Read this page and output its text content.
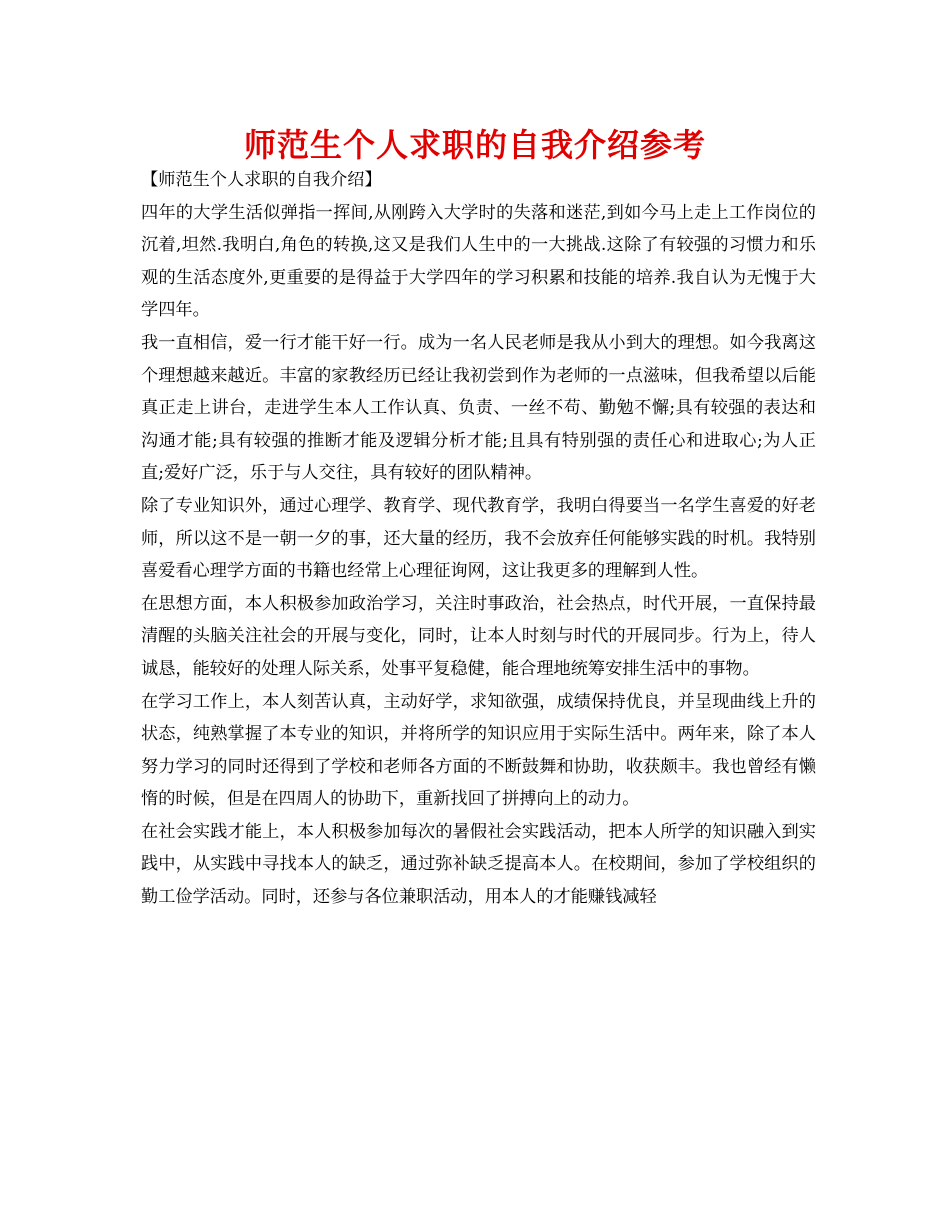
师范生个人求职的自我介绍参考

【师范生个人求职的自我介绍】

四年的大学生活似弹指一挥间,从刚跨入大学时的失落和迷茫,到如今马上走上工作岗位的沉着,坦然.我明白,角色的转换,这又是我们人生中的一大挑战.这除了有较强的习惯力和乐观的生活态度外,更重要的是得益于大学四年的学习积累和技能的培养.我自认为无愧于大学四年。

我一直相信，爱一行才能干好一行。成为一名人民老师是我从小到大的理想。如今我离这个理想越来越近。丰富的家教经历已经让我初尝到作为老师的一点滋味，但我希望以后能真正走上讲台，走进学生本人工作认真、负责、一丝不苟、勤勉不懈;具有较强的表达和沟通才能;具有较强的推断才能及逻辑分析才能;且具有特别强的责任心和进取心;为人正直;爱好广泛，乐于与人交往，具有较好的团队精神。

除了专业知识外，通过心理学、教育学、现代教育学，我明白得要当一名学生喜爱的好老师，所以这不是一朝一夕的事，还大量的经历，我不会放弃任何能够实践的时机。我特别喜爱看心理学方面的书籍也经常上心理征询网，这让我更多的理解到人性。

在思想方面，本人积极参加政治学习，关注时事政治，社会热点，时代开展，一直保持最清醒的头脑关注社会的开展与变化，同时，让本人时刻与时代的开展同步。行为上，待人诚恳，能较好的处理人际关系，处事平复稳健，能合理地统筹安排生活中的事物。

在学习工作上，本人刻苦认真，主动好学，求知欲强，成绩保持优良，并呈现曲线上升的状态，纯熟掌握了本专业的知识，并将所学的知识应用于实际生活中。两年来，除了本人努力学习的同时还得到了学校和老师各方面的不断鼓舞和协助，收获颇丰。我也曾经有懒惰的时候，但是在四周人的协助下，重新找回了拼搏向上的动力。

在社会实践才能上，本人积极参加每次的暑假社会实践活动，把本人所学的知识融入到实践中，从实践中寻找本人的缺乏，通过弥补缺乏提高本人。在校期间，参加了学校组织的勤工俭学活动。同时，还参与各位兼职活动，用本人的才能赚钱减轻
